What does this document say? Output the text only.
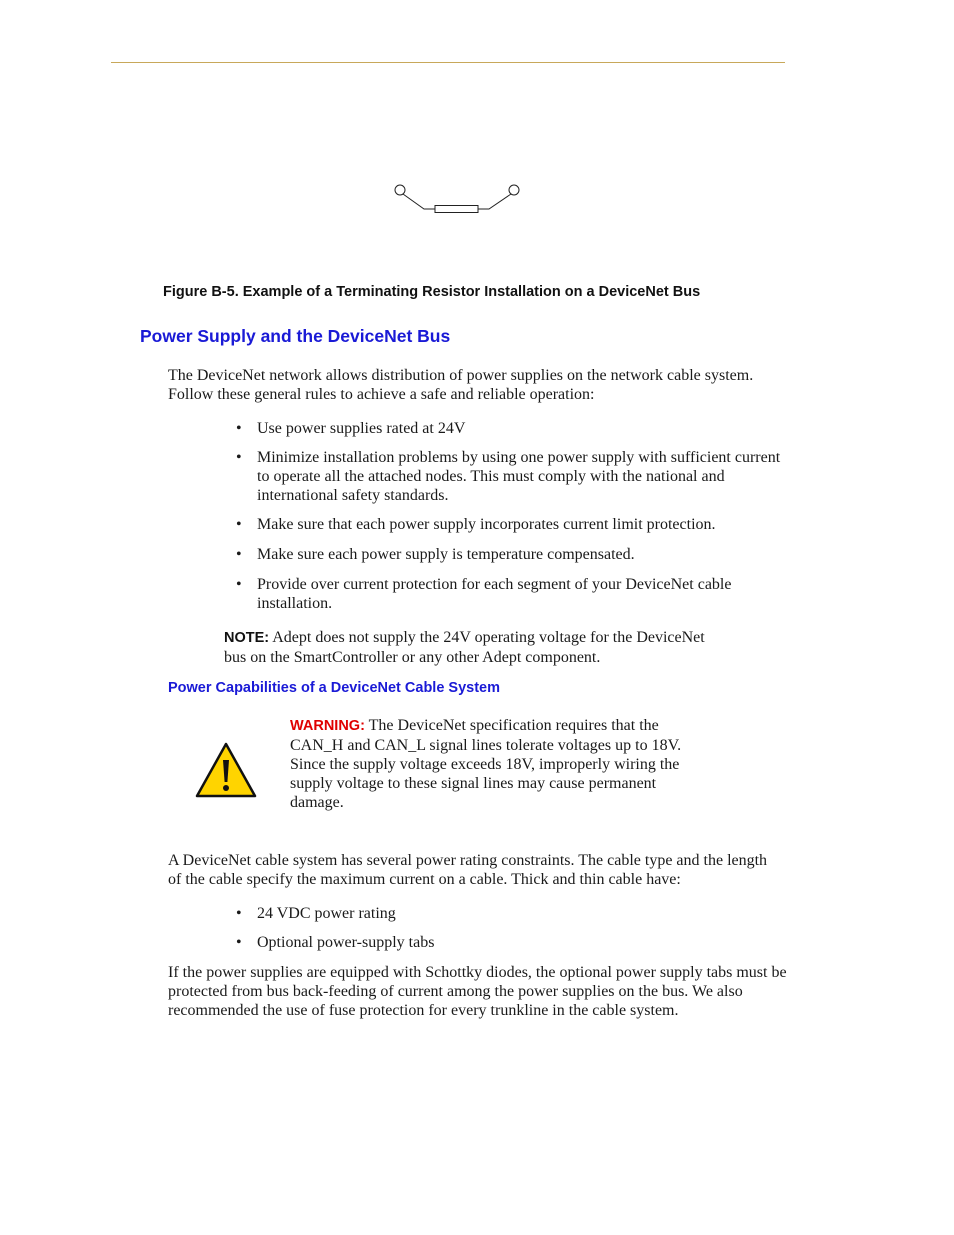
Figure B-5. Example of a Terminating Resistor Installation on a DeviceNet Bus
Power Supply and the DeviceNet Bus
The DeviceNet network allows distribution of power supplies on the network cable system. Follow these general rules to achieve a safe and reliable operation:
• Use power supplies rated at 24V
• Minimize installation problems by using one power supply with sufficient current to operate all the attached nodes. This must comply with the national and international safety standards.
• Make sure that each power supply incorporates current limit protection.
• Make sure each power supply is temperature compensated.
• Provide over current protection for each segment of your DeviceNet cable installation.
NOTE: Adept does not supply the 24V operating voltage for the DeviceNet bus on the SmartController or any other Adept component.
Power Capabilities of a DeviceNet Cable System
WARNING: The DeviceNet specification requires that the CAN_H and CAN_L signal lines tolerate voltages up to 18V. Since the supply voltage exceeds 18V, improperly wiring the supply voltage to these signal lines may cause permanent damage.
A DeviceNet cable system has several power rating constraints. The cable type and the length of the cable specify the maximum current on a cable. Thick and thin cable have:
• 24 VDC power rating
• Optional power-supply tabs
If the power supplies are equipped with Schottky diodes, the optional power supply tabs must be protected from bus back-feeding of current among the power supplies on the bus. We also recommended the use of fuse protection for every trunkline in the cable system.
